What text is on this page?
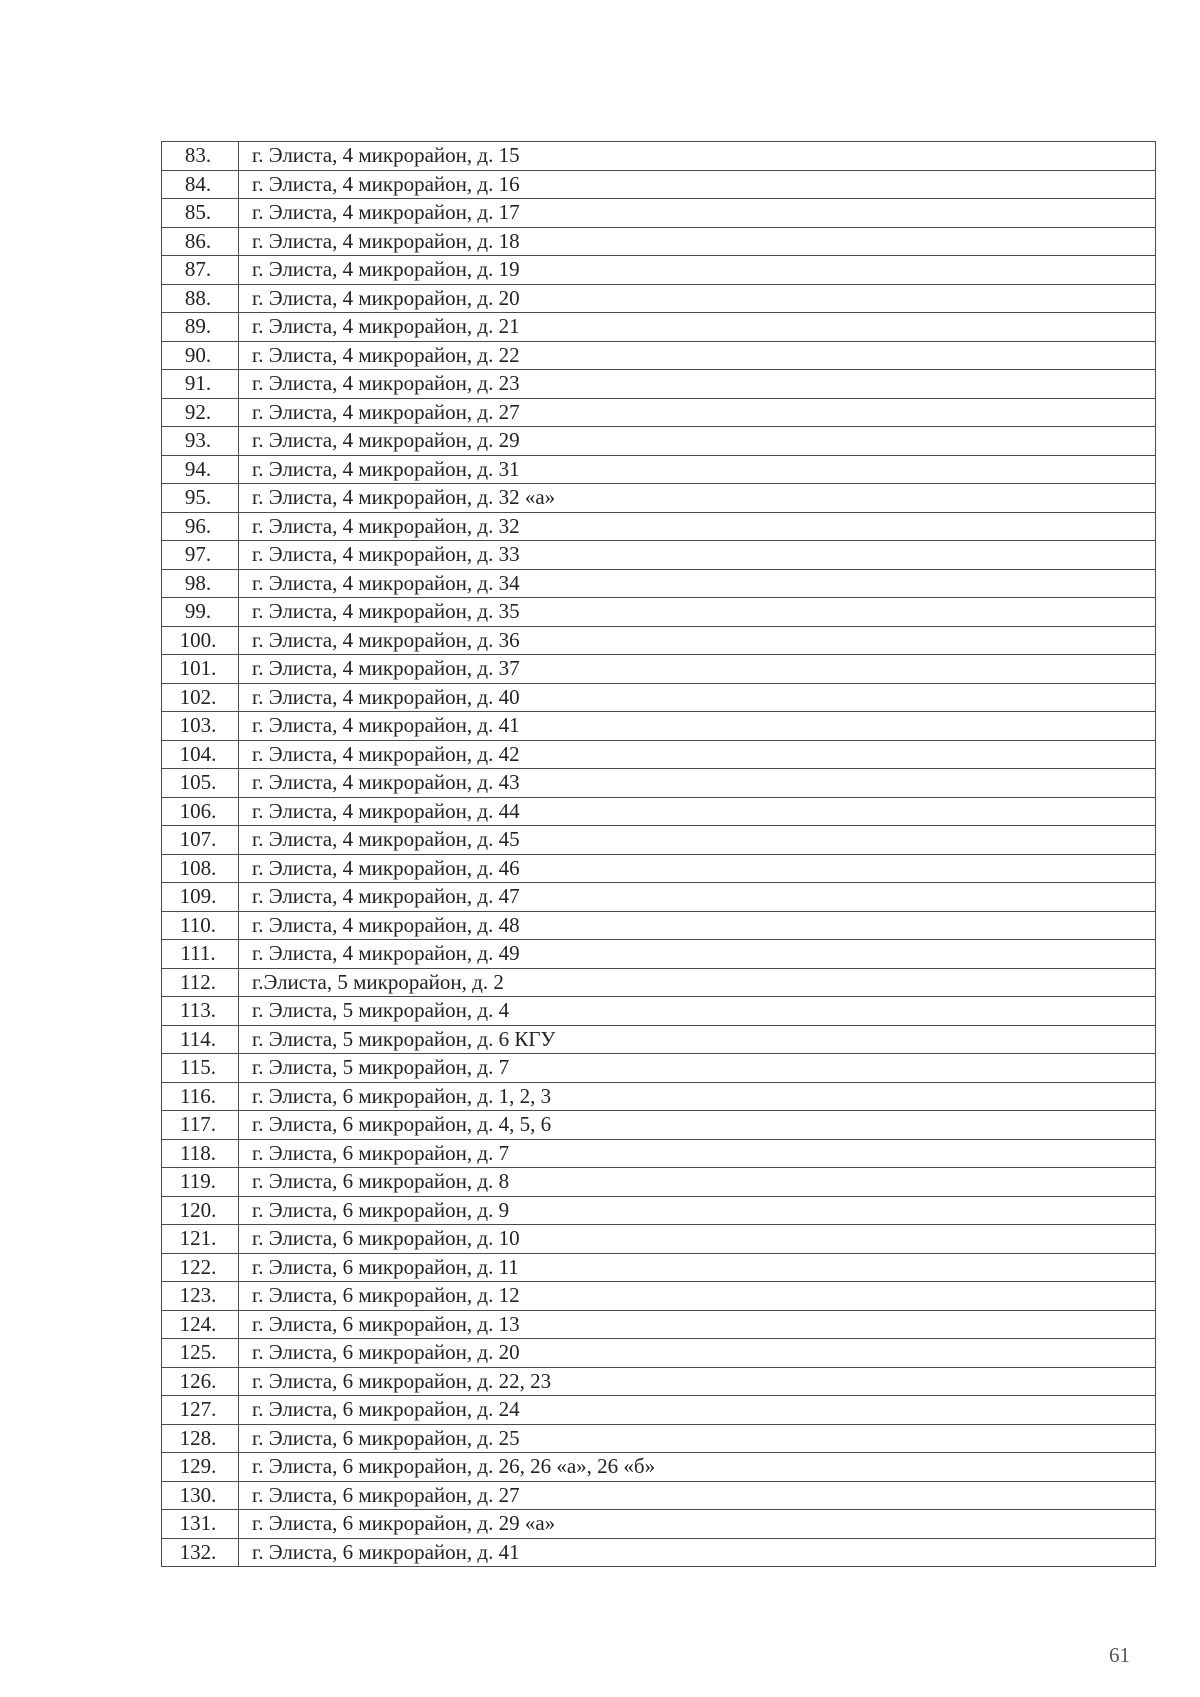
83.	г. Элиста, 4 микрорайон, д. 15
84.	г. Элиста, 4 микрорайон, д. 16
85.	г. Элиста, 4 микрорайон, д. 17
86.	г. Элиста, 4 микрорайон, д. 18
87.	г. Элиста, 4 микрорайон, д. 19
88.	г. Элиста, 4 микрорайон, д. 20
89.	г. Элиста, 4 микрорайон, д. 21
90.	г. Элиста, 4 микрорайон, д. 22
91.	г. Элиста, 4 микрорайон, д. 23
92.	г. Элиста, 4 микрорайон, д. 27
93.	г. Элиста, 4 микрорайон, д. 29
94.	г. Элиста, 4 микрорайон, д. 31
95.	г. Элиста, 4 микрорайон, д. 32 «а»
96.	г. Элиста, 4 микрорайон, д. 32
97.	г. Элиста, 4 микрорайон, д. 33
98.	г. Элиста, 4 микрорайон, д. 34
99.	г. Элиста, 4 микрорайон, д. 35
100.	г. Элиста, 4 микрорайон, д. 36
101.	г. Элиста, 4 микрорайон, д. 37
102.	г. Элиста, 4 микрорайон, д. 40
103.	г. Элиста, 4 микрорайон, д. 41
104.	г. Элиста, 4 микрорайон, д. 42
105.	г. Элиста, 4 микрорайон, д. 43
106.	г. Элиста, 4 микрорайон, д. 44
107.	г. Элиста, 4 микрорайон, д. 45
108.	г. Элиста, 4 микрорайон, д. 46
109.	г. Элиста, 4 микрорайон, д. 47
110.	г. Элиста, 4 микрорайон, д. 48
111.	г. Элиста, 4 микрорайон, д. 49
112.	г.Элиста, 5 микрорайон, д. 2
113.	г. Элиста, 5 микрорайон, д. 4
114.	г. Элиста, 5 микрорайон, д. 6 КГУ
115.	г. Элиста, 5 микрорайон, д. 7
116.	г. Элиста, 6 микрорайон, д. 1, 2, 3
117.	г. Элиста, 6 микрорайон, д. 4, 5, 6
118.	г. Элиста, 6 микрорайон, д. 7
119.	г. Элиста, 6 микрорайон, д. 8
120.	г. Элиста, 6 микрорайон, д. 9
121.	г. Элиста, 6 микрорайон, д. 10
122.	г. Элиста, 6 микрорайон, д. 11
123.	г. Элиста, 6 микрорайон, д. 12
124.	г. Элиста, 6 микрорайон, д. 13
125.	г. Элиста, 6 микрорайон, д. 20
126.	г. Элиста, 6 микрорайон, д. 22, 23
127.	г. Элиста, 6 микрорайон, д. 24
128.	г. Элиста, 6 микрорайон, д. 25
129.	г. Элиста, 6 микрорайон, д. 26, 26 «а», 26 «б»
130.	г. Элиста, 6 микрорайон, д. 27
131.	г. Элиста, 6 микрорайон, д. 29 «а»
132.	г. Элиста, 6 микрорайон, д. 41
61
